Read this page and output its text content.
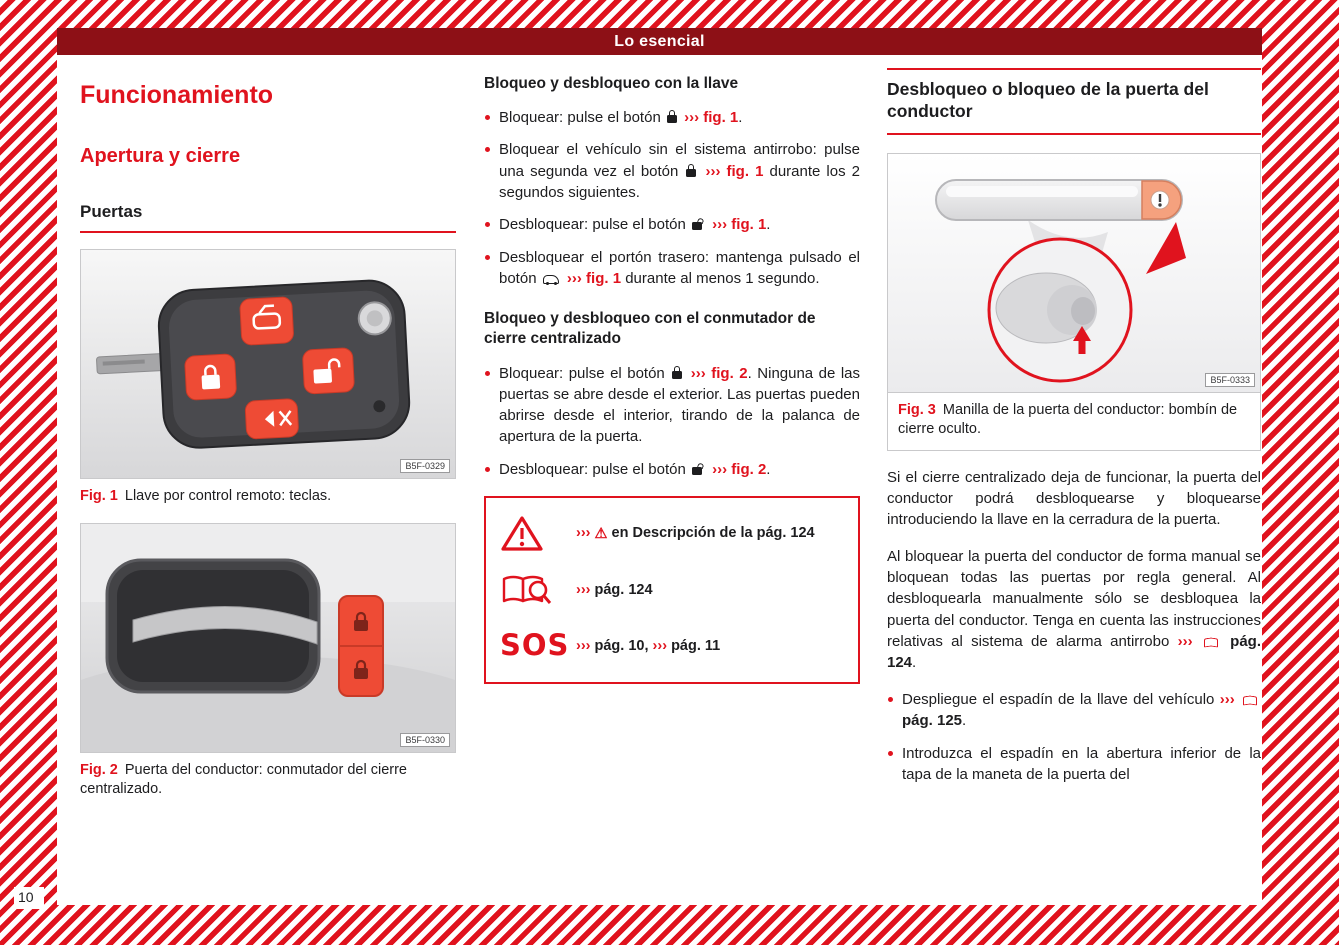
Lo esencial
Funcionamiento
Apertura y cierre
Puertas
B5F-0329

Fig. 1 Llave por control remoto: teclas.

B5F-0330

Fig. 2 Puerta del conductor: conmutador del cierre centralizado.

Bloqueo y desbloqueo con la llave
Bloquear: pulse el botón  ››› fig. 1.
Bloquear el vehículo sin el sistema antirrobo: pulse una segunda vez el botón  ››› fig. 1 durante los 2 segundos siguientes.
Desbloquear: pulse el botón  ››› fig. 1.
Desbloquear el portón trasero: mantenga pulsado el botón  ››› fig. 1 durante al menos 1 segundo.
Bloqueo y desbloqueo con el conmutador de cierre centralizado
Bloquear: pulse el botón  ››› fig. 2. Ninguna de las puertas se abre desde el exterior. Las puertas pueden abrirse desde el interior, tirando de la palanca de apertura de la puerta.
Desbloquear: pulse el botón  ››› fig. 2.
››› ⚠ en Descripción de la pág. 124
››› pág. 124
SOS ››› pág. 10, ››› pág. 11
Desbloqueo o bloqueo de la puerta del conductor
B5F-0333

Fig. 3 Manilla de la puerta del conductor: bombín de cierre oculto.

Si el cierre centralizado deja de funcionar, la puerta del conductor podrá desbloquearse y bloquearse introduciendo la llave en la cerradura de la puerta.

Al bloquear la puerta del conductor de forma manual se bloquean todas las puertas por regla general. Al desbloquearla manualmente sólo se desbloquea la puerta del conductor. Tenga en cuenta las instrucciones relativas al sistema de alarma antirrobo ›››  pág. 124.

Despliegue el espadín de la llave del vehículo ›››  pág. 125.
Introduzca el espadín en la abertura inferior de la tapa de la maneta de la puerta del
10
